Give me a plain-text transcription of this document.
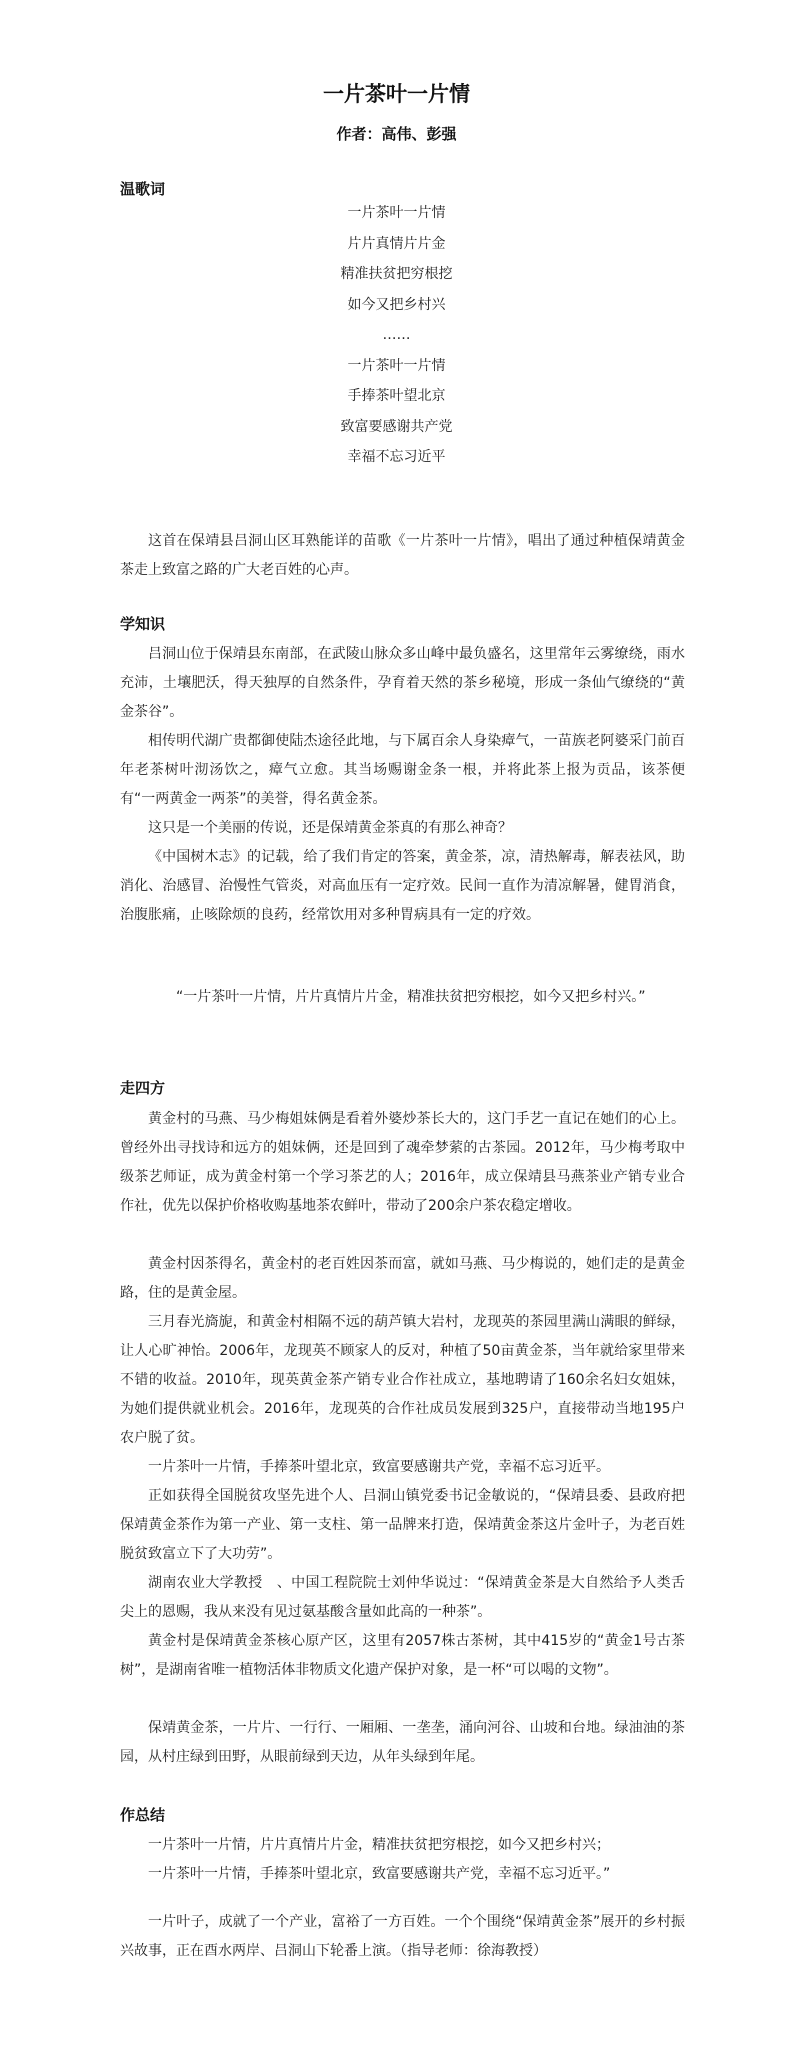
一片茶叶一片情
作者：高伟、彭强
温歌词
一片茶叶一片情
片片真情片片金
精准扶贫把穷根挖
如今又把乡村兴
……
一片茶叶一片情
手捧茶叶望北京
致富要感谢共产党
幸福不忘习近平

这首在保靖县吕洞山区耳熟能详的苗歌《一片茶叶一片情》，唱出了通过种植保靖黄金茶走上致富之路的广大老百姓的心声。

学知识

吕洞山位于保靖县东南部，在武陵山脉众多山峰中最负盛名，这里常年云雾缭绕，雨水充沛，土壤肥沃，得天独厚的自然条件，孕育着天然的茶乡秘境，形成一条仙气缭绕的“黄金茶谷”。

相传明代湖广贵都御使陆杰途径此地，与下属百余人身染瘴气，一苗族老阿婆采门前百年老茶树叶沏汤饮之，瘴气立愈。其当场赐谢金条一根，并将此茶上报为贡品，该茶便有“一两黄金一两茶”的美誉，得名黄金茶。

这只是一个美丽的传说，还是保靖黄金茶真的有那么神奇？

《中国树木志》的记载，给了我们肯定的答案，黄金茶，凉，清热解毒，解表祛风，助消化、治感冒、治慢性气管炎，对高血压有一定疗效。民间一直作为清凉解暑，健胃消食，治腹胀痛，止咳除烦的良药，经常饮用对多种胃病具有一定的疗效。

“一片茶叶一片情，片片真情片片金，精准扶贫把穷根挖，如今又把乡村兴。”

走四方

黄金村的马燕、马少梅姐妹俩是看着外婆炒茶长大的，这门手艺一直记在她们的心上。曾经外出寻找诗和远方的姐妹俩，还是回到了魂牵梦萦的古茶园。2012年，马少梅考取中级茶艺师证，成为黄金村第一个学习茶艺的人；2016年，成立保靖县马燕茶业产销专业合作社，优先以保护价格收购基地茶农鲜叶，带动了200余户茶农稳定增收。

黄金村因茶得名，黄金村的老百姓因茶而富，就如马燕、马少梅说的，她们走的是黄金路，住的是黄金屋。

三月春光旖旎，和黄金村相隔不远的葫芦镇大岩村，龙现英的茶园里满山满眼的鲜绿，让人心旷神怡。2006年，龙现英不顾家人的反对，种植了50亩黄金茶，当年就给家里带来不错的收益。2010年，现英黄金茶产销专业合作社成立，基地聘请了160余名妇女姐妹，为她们提供就业机会。2016年，龙现英的合作社成员发展到325户，直接带动当地195户农户脱了贫。

一片茶叶一片情，手捧茶叶望北京，致富要感谢共产党，幸福不忘习近平。

正如获得全国脱贫攻坚先进个人、吕洞山镇党委书记金敏说的，“保靖县委、县政府把保靖黄金茶作为第一产业、第一支柱、第一品牌来打造，保靖黄金茶这片金叶子，为老百姓脱贫致富立下了大功劳”。

湖南农业大学教授　、中国工程院院士刘仲华说过：“保靖黄金茶是大自然给予人类舌尖上的恩赐，我从来没有见过氨基酸含量如此高的一种茶”。

黄金村是保靖黄金茶核心原产区，这里有2057株古茶树，其中415岁的“黄金1号古茶树”，是湖南省唯一植物活体非物质文化遗产保护对象，是一杯“可以喝的文物”。

保靖黄金茶，一片片、一行行、一厢厢、一垄垄，涌向河谷、山坡和台地。绿油油的茶园，从村庄绿到田野，从眼前绿到天边，从年头绿到年尾。

作总结

一片茶叶一片情，片片真情片片金，精准扶贫把穷根挖，如今又把乡村兴；

一片茶叶一片情，手捧茶叶望北京，致富要感谢共产党，幸福不忘习近平。”

一片叶子，成就了一个产业，富裕了一方百姓。一个个围绕“保靖黄金茶”展开的乡村振兴故事，正在酉水两岸、吕洞山下轮番上演。（指导老师：徐海教授）
